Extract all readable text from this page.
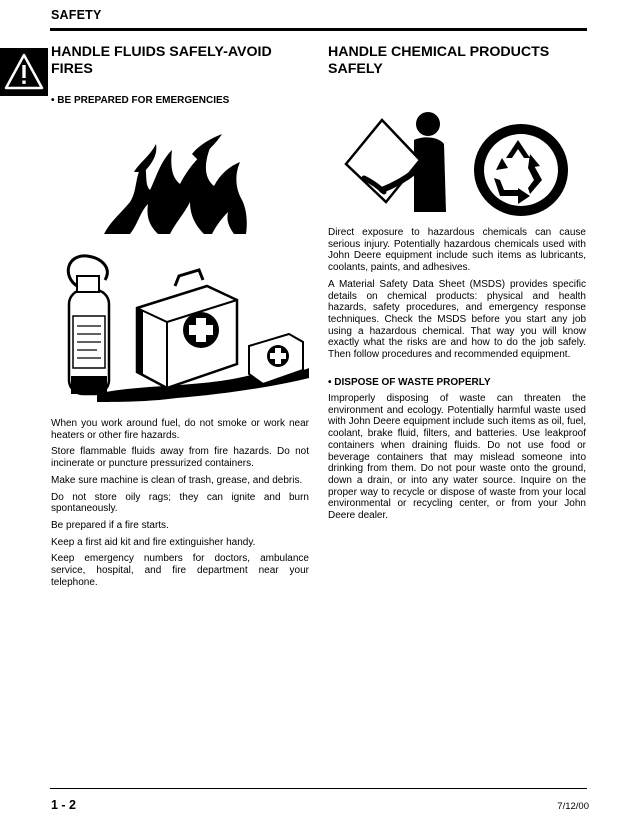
SAFETY
HANDLE FLUIDS SAFELY-AVOID FIRES
• BE PREPARED FOR EMERGENCIES

When you work around fuel, do not smoke or work near heaters or other fire hazards.

Store flammable fluids away from fire hazards. Do not incinerate or puncture pressurized containers.

Make sure machine is clean of trash, grease, and debris.

Do not store oily rags; they can ignite and burn spontaneously.

Be prepared if a fire starts.

Keep a first aid kit and fire extinguisher handy.

Keep emergency numbers for doctors, ambulance service, hospital, and fire department near your telephone.

HANDLE CHEMICAL PRODUCTS SAFELY

Direct exposure to hazardous chemicals can cause serious injury. Potentially hazardous chemicals used with John Deere equipment include such items as lubricants, coolants, paints, and adhesives.

A Material Safety Data Sheet (MSDS) provides specific details on chemical products: physical and health hazards, safety procedures, and emergency response techniques. Check the MSDS before you start any job using a hazardous chemical. That way you will know exactly what the risks are and how to do the job safely. Then follow procedures and recommended equipment.

• DISPOSE OF WASTE PROPERLY

Improperly disposing of waste can threaten the environment and ecology. Potentially harmful waste used with John Deere equipment include such items as oil, fuel, coolant, brake fluid, filters, and batteries. Use leakproof containers when draining fluids. Do not use food or beverage containers that may mislead someone into drinking from them. Do not pour waste onto the ground, down a drain, or into any water source. Inquire on the proper way to recycle or dispose of waste from your local environmental or recycling center, or from your John Deere dealer.

1 - 2	7/12/00
